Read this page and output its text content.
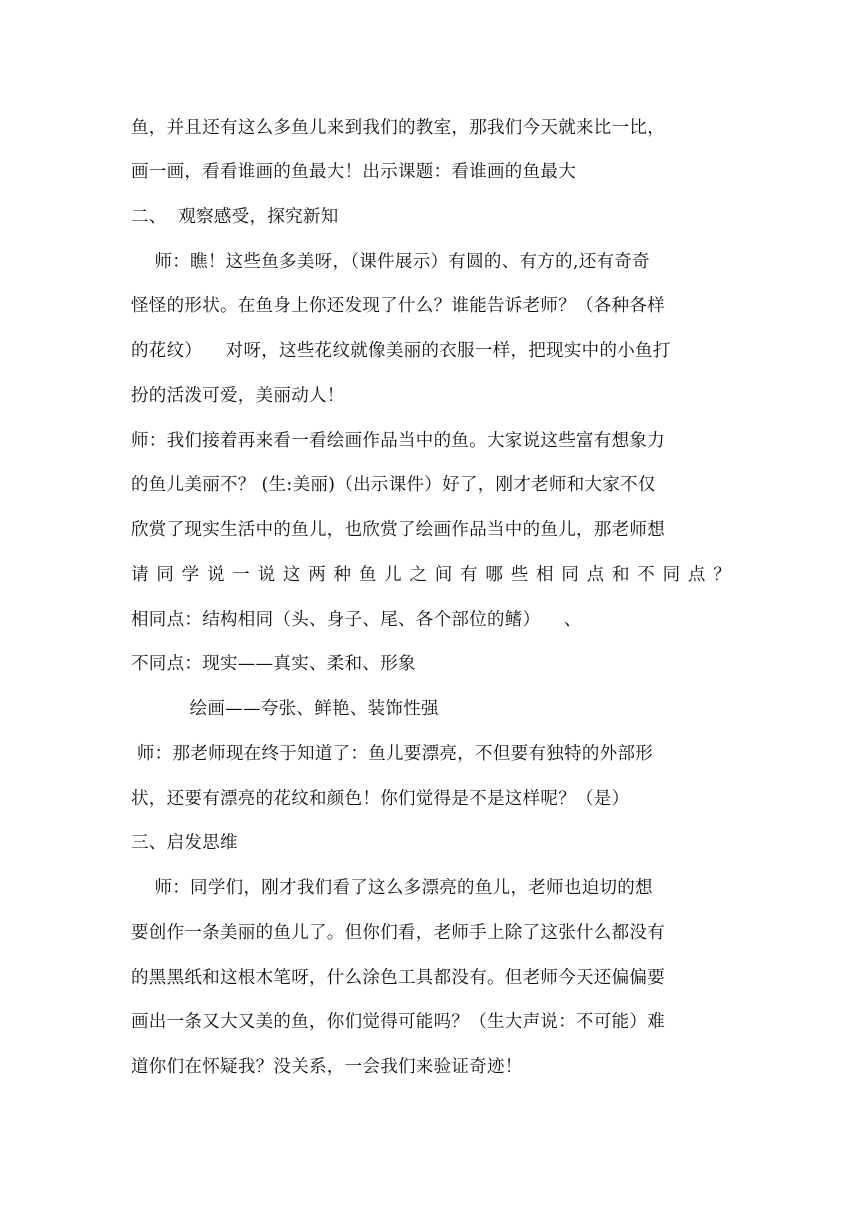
鱼，并且还有这么多鱼儿来到我们的教室，那我们今天就来比一比，
画一画，看看谁画的鱼最大！出示课题：看谁画的鱼最大
二、  观察感受，探究新知
师：瞧！这些鱼多美呀，（课件展示）有圆的、有方的,还有奇奇
怪怪的形状。在鱼身上你还发现了什么？谁能告诉老师？（各种各样
的花纹）    对呀，这些花纹就像美丽的衣服一样，把现实中的小鱼打
扮的活泼可爱，美丽动人！
师：我们接着再来看一看绘画作品当中的鱼。大家说这些富有想象力
的鱼儿美丽不？ (生:美丽)（出示课件）好了，刚才老师和大家不仅
欣赏了现实生活中的鱼儿，也欣赏了绘画作品当中的鱼儿，那老师想
请同学说一说这两种鱼儿之间有哪些相同点和不同点？
相同点：结构相同（头、身子、尾、各个部位的鳍）    、
不同点：现实——真实、柔和、形象
绘画——夸张、鲜艳、装饰性强
师：那老师现在终于知道了：鱼儿要漂亮，不但要有独特的外部形
状，还要有漂亮的花纹和颜色！你们觉得是不是这样呢？（是）
三、启发思维
师：同学们，刚才我们看了这么多漂亮的鱼儿，老师也迫切的想
要创作一条美丽的鱼儿了。但你们看，老师手上除了这张什么都没有
的黑黑纸和这根木笔呀，什么涂色工具都没有。但老师今天还偏偏要
画出一条又大又美的鱼，你们觉得可能吗？（生大声说：不可能）难
道你们在怀疑我？没关系，一会我们来验证奇迹！
